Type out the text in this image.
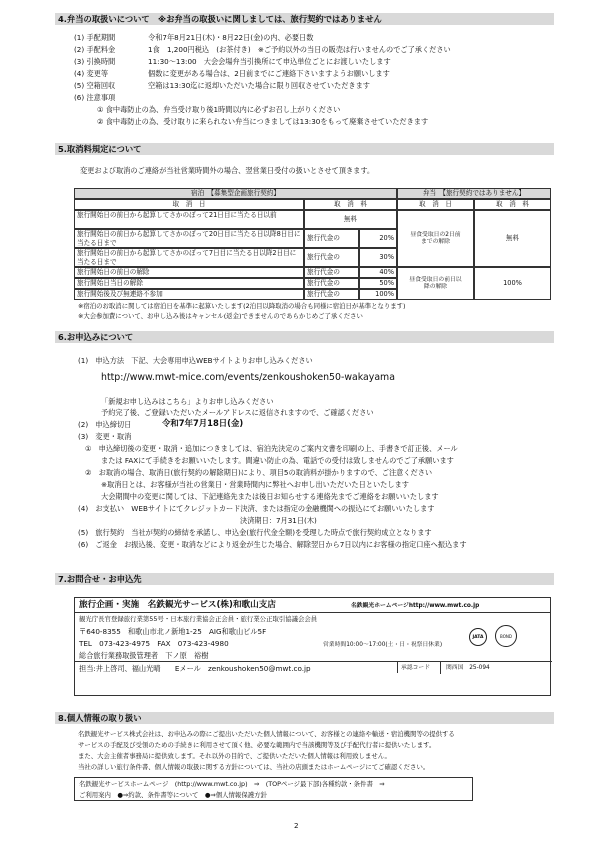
4.弁当の取扱いについて　※お弁当の取扱いに関しましては、旅行契約ではありません
(1) 手配期間	令和7年8月21日(木)・8月22日(金)の内、必要日数
(2) 手配料金	1食　1,200円税込　(お茶付き)　※ご予約以外の当日の販売は行いませんのでご了承ください
(3) 引換時間	11:30～13:00　大会会場弁当引換所にて申込単位ごとにお渡しいたします
(4) 変更等	個数に変更がある場合は、2日前までにご連絡下さいますようお願いします
(5) 空箱回収	空箱は13:30迄に返却いただいた場合に限り回収させていただきます
(6) 注意事項
① 食中毒防止の為、弁当受け取り後1時間以内に必ずお召し上がりください
② 食中毒防止の為、受け取りに来られない弁当につきましては13:30をもって廃棄させていただきます
5.取消料規定について
変更および取消のご連絡が当社営業時間外の場合、翌営業日受付の扱いとさせて頂きます。
宿泊　【募集型企画旅行契約】	弁当　【旅行契約ではありません】
取　消　日	取　消　料	取　消　日	取　消　料
旅行開始日の前日から起算してさかのぼって21日目に当たる日以前
無料
旅行開始日の前日から起算してさかのぼって20日目に当たる日以降8日目に当たる日まで
旅行代金の	20%
旅行開始日の前日から起算してさかのぼって7日目に当たる日以降2日目に当たる日まで
旅行代金の	30%
旅行開始日の前日の解除	旅行代金の	40%
旅行開始日当日の解除	旅行代金の	50%
旅行開始後及び無連絡不参加	旅行代金の	100%
昼食受取日の2日前までの解除	無料
昼食受取日の前日以降の解除	100%
※宿泊のお取消に関しては宿泊日を基準に起算いたします(2泊目以降取消の場合も同様に宿泊日が基準となります)
※大会参加費について、お申し込み後はキャンセル(返金)できませんのであらかじめご了承ください
6.お申込みについて
(1)　申込方法　下記、大会専用申込WEBサイトよりお申し込みください
http://www.mwt-mice.com/events/zenkoushoken50-wakayama
「新規お申し込みはこちら」よりお申し込みください
予約完了後、ご登録いただいたメールアドレスに返信されますので、ご確認ください
(2)　申込締切日	令和7年7月18日(金)
(3)　変更・取消
①　申込締切後の変更・取消・追加につきましては、宿泊先決定のご案内文書を印刷の上、手書きで訂正後、メール
または FAXにて手続きをお願いいたします。間違い防止の為、電話での受付は致しませんのでご了承願います
②　お取消の場合、取消日(旅行契約の解除期日)により、項目5の取消料が掛かりますので、ご注意ください
※取消日とは、お客様が当社の営業日・営業時間内に弊社へお申し出いただいた日といたします
大会期間中の変更に関しては、下記連絡先または後日お知らせする連絡先までご連絡をお願いいたします
(4)　お支払い　WEBサイトにてクレジットカード決済、または指定の金融機関への振込にてお願いいたします
決済期日：7月31日(木)
(5)　旅行契約　当社が契約の締結を承諾し、申込金(旅行代金全額)を受理した時点で旅行契約成立となります
(6)　ご返金　お振込後、変更・取消などにより返金が生じた場合、解除翌日から7日以内にお客様の指定口座へ振込ます
7.お問合せ・お申込先
旅行企画・実施　名鉄観光サービス(株)和歌山支店	名鉄観光ホームページhttp://www.mwt.co.jp
観光庁長官登録旅行業第55号・日本旅行業協会正会員・旅行業公正取引協議会会員
〒640-8355　和歌山市北ノ新地1-25　AIG和歌山ビル5F
TEL　073-423-4975　FAX　073-423-4980	営業時間10:00～17:00(土・日・祝祭日休業)
総合旅行業務取扱管理者　下ノ原　裕樹
担当:井上啓司、福山光晴　　Eメール　zenkoushoken50@mwt.co.jp	承認コード	関西国　25-094
JATA	BOND
8.個人情報の取り扱い
名鉄観光サービス株式会社は、お申込みの際にご提出いただいた個人情報について、お客様との連絡や輸送・宿泊機関等の提供する
サービスの手配及び受領のための手続きに利用させて頂く他、必要な範囲内で当該機関等及び手配代行者に提供いたします。
また、大会主催者事務局に提供致します。それ以外の目的で、ご提供いただいた個人情報は利用致しません。
当社の詳しい旅行条件書、個人情報の取扱に関する方針については、当社の店頭またはホームページにてご確認ください。
名鉄観光サービスホームページ　(http://www.mwt.co.jp)　⇒　(TOPページ最下部)各種約款・条件書　⇒
ご利用案内　●⇒約款、条件書等について　●⇒個人情報保護方針
2
